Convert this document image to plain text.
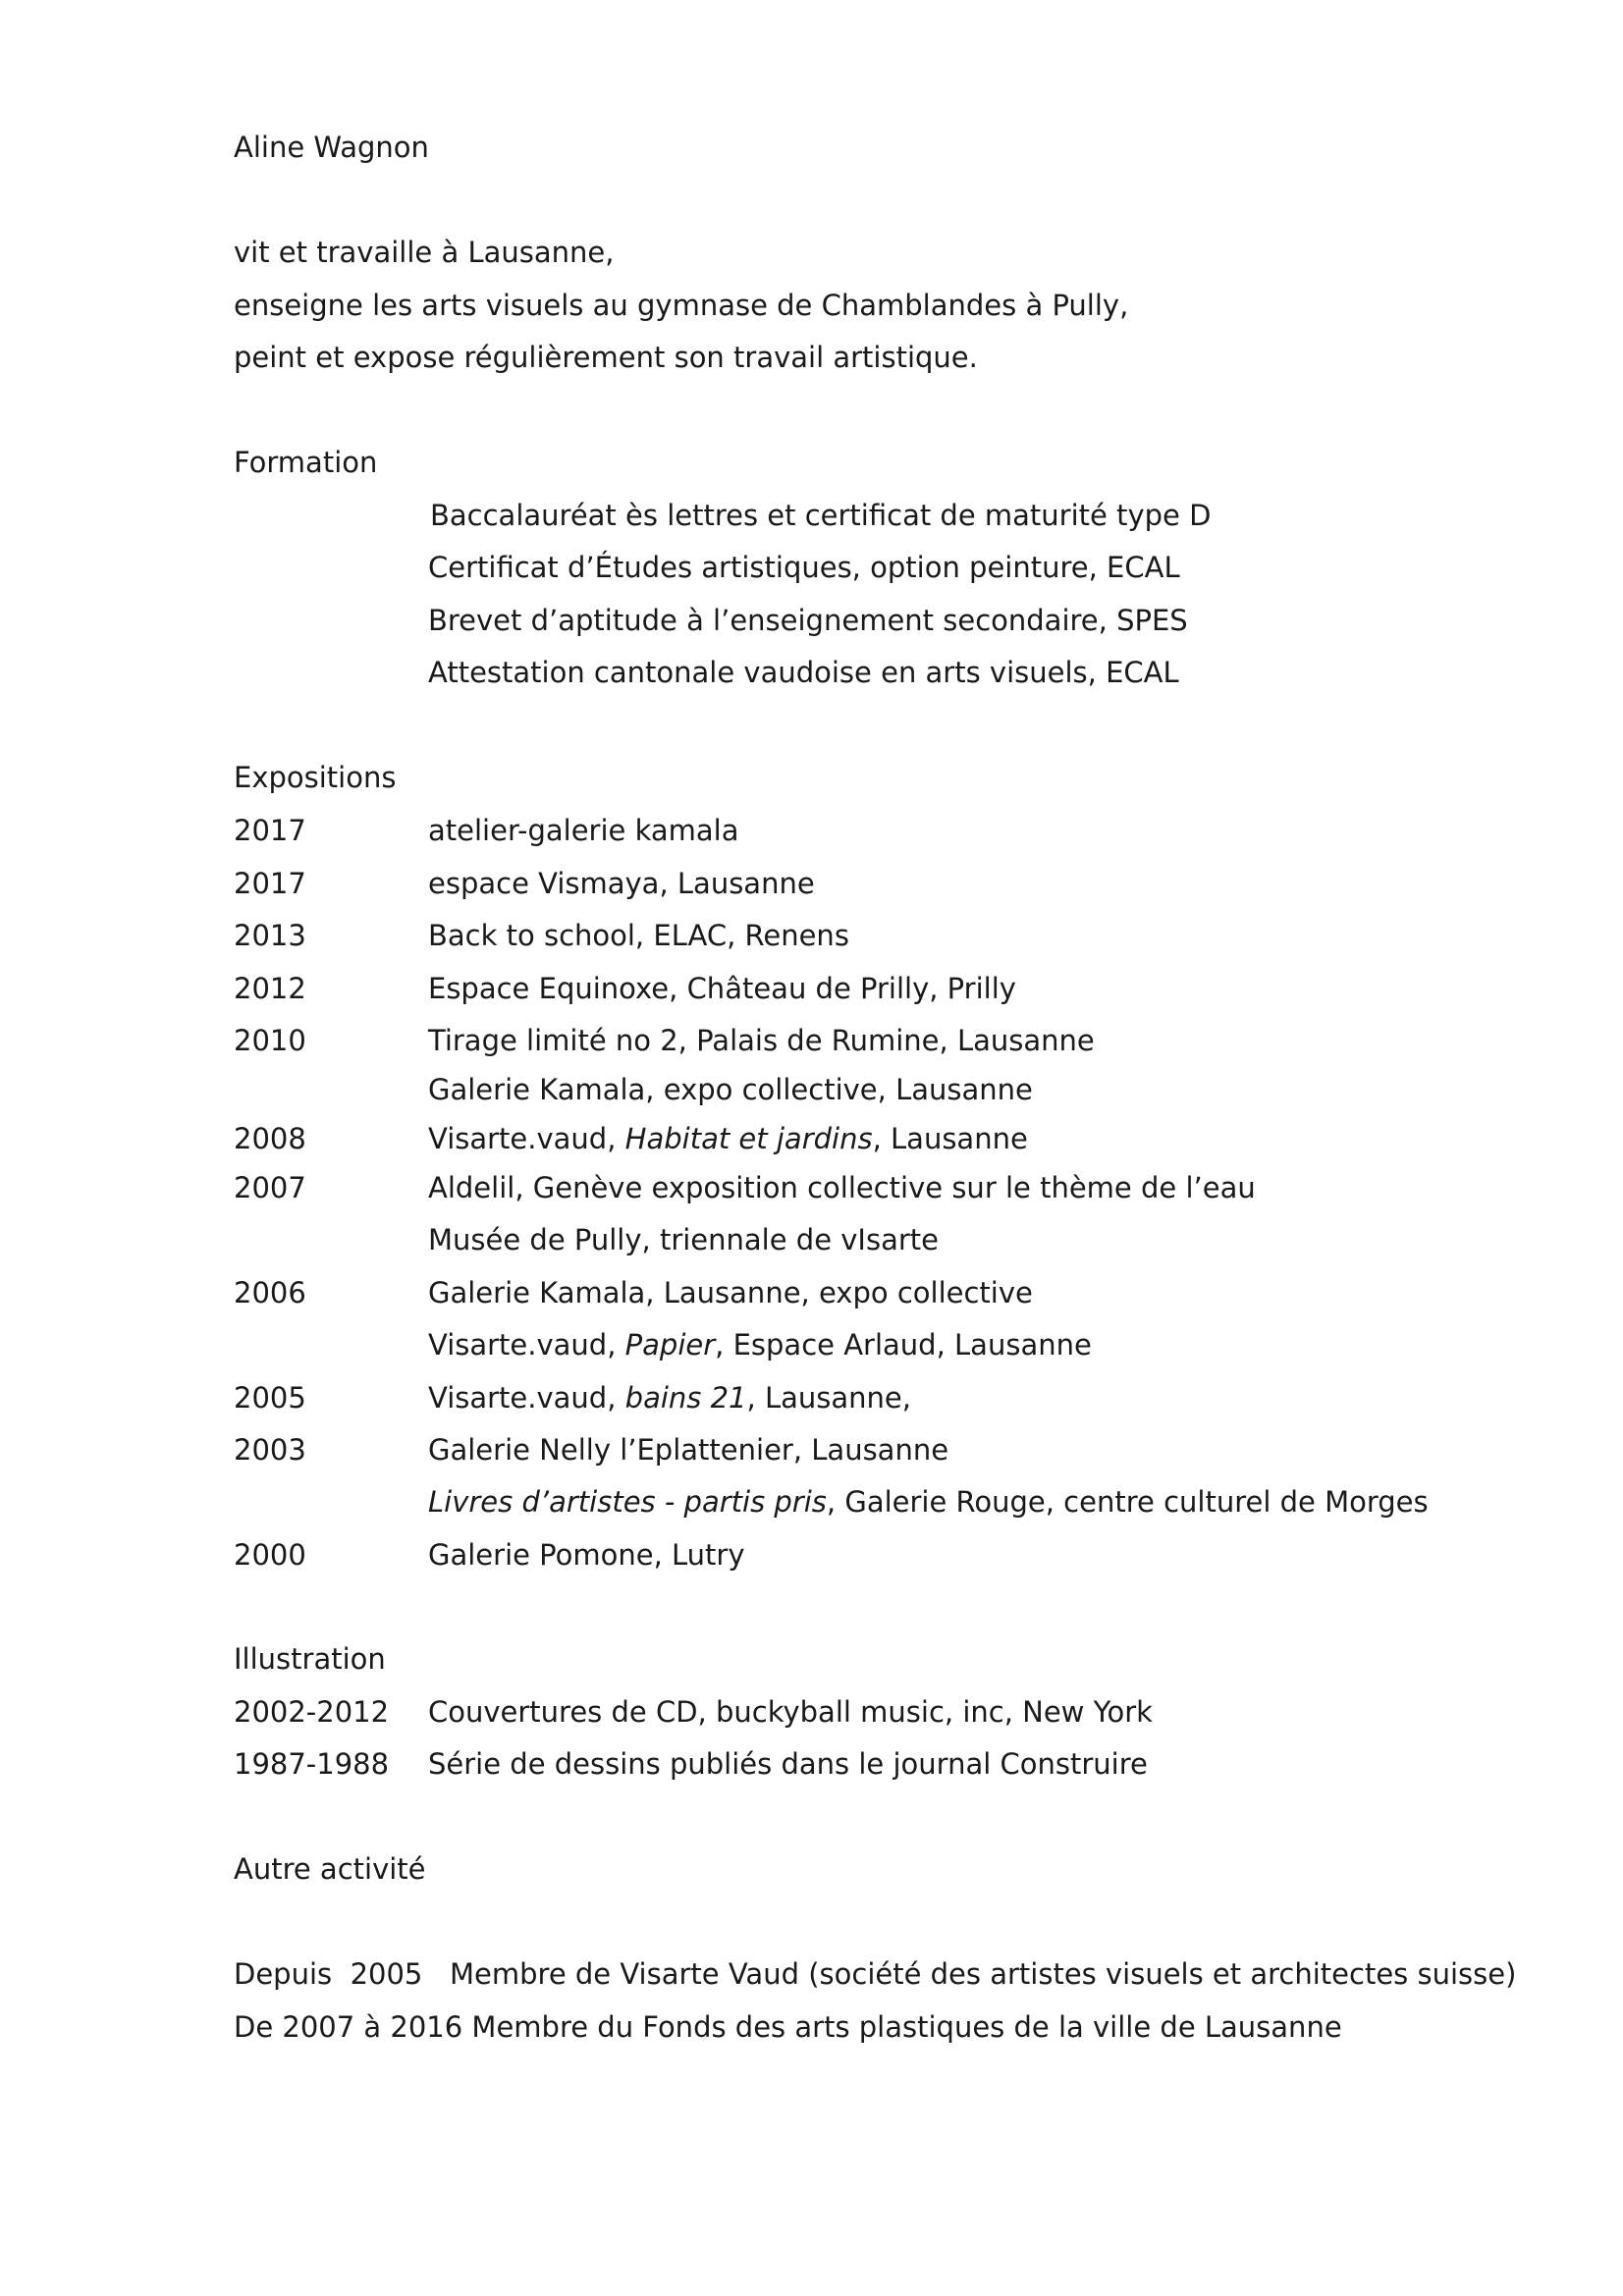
Aline Wagnon
vit et travaille à Lausanne,
enseigne les arts visuels au gymnase de Chamblandes à Pully,
peint et expose régulièrement son travail artistique.
Formation
Baccalauréat ès lettres et certificat de maturité type D
Certificat d’Études artistiques, option peinture, ECAL
Brevet d’aptitude à l’enseignement secondaire, SPES
Attestation cantonale vaudoise en arts visuels, ECAL
Expositions
2017	atelier-galerie kamala
2017	espace Vismaya, Lausanne
2013	Back to school, ELAC, Renens
2012	Espace Equinoxe, Château de Prilly, Prilly
2010	Tirage limité no 2, Palais de Rumine, Lausanne
Galerie Kamala, expo collective, Lausanne
2008	Visarte.vaud, Habitat et jardins, Lausanne
2007	Aldelil, Genève exposition collective sur le thème de l’eau
Musée de Pully, triennale de vIsarte
2006	Galerie Kamala, Lausanne, expo collective
Visarte.vaud, Papier, Espace Arlaud, Lausanne
2005	Visarte.vaud, bains 21, Lausanne,
2003	Galerie Nelly l’Eplattenier, Lausanne
Livres d’artistes - partis pris, Galerie Rouge, centre culturel de Morges
2000	Galerie Pomone, Lutry
Illustration
2002-2012 Couvertures de CD, buckyball music, inc, New York
1987-1988 Série de dessins publiés dans le journal Construire
Autre activité
Depuis  2005   Membre de Visarte Vaud (société des artistes visuels et architectes suisse)
De 2007 à 2016 Membre du Fonds des arts plastiques de la ville de Lausanne
